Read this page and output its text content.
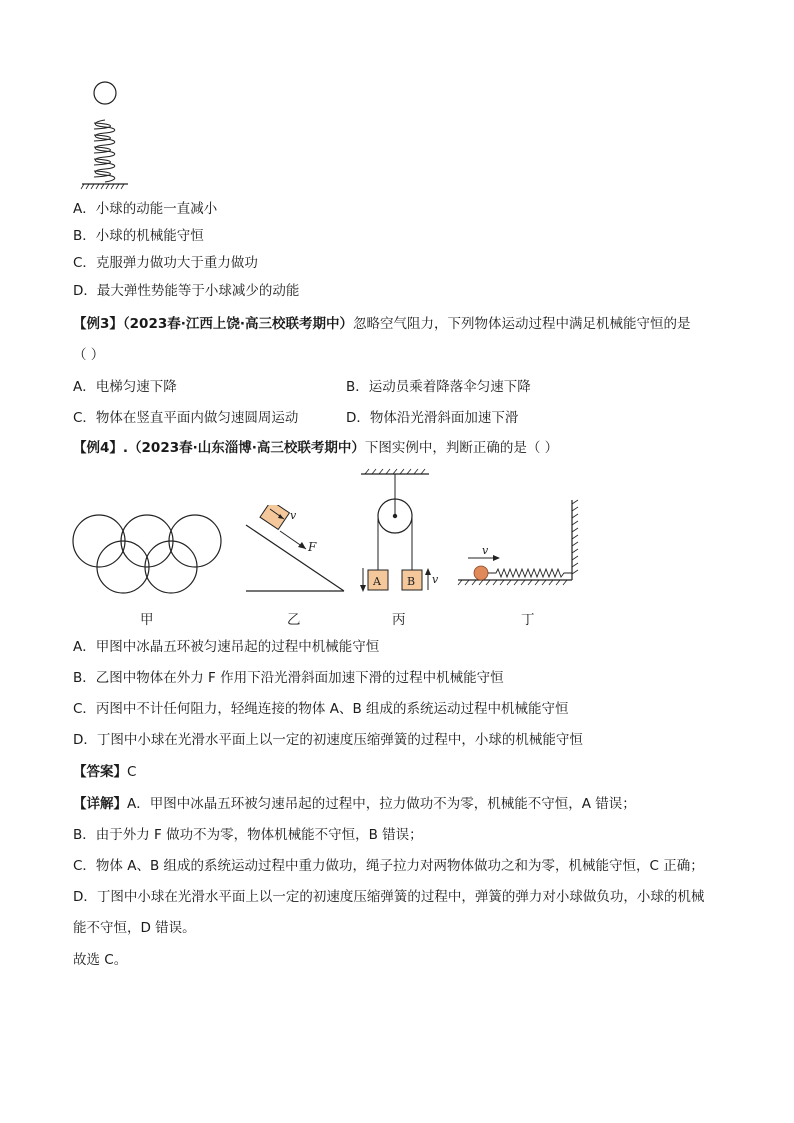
A．小球的动能一直减小
B．小球的机械能守恒
C．克服弹力做功大于重力做功
D．最大弹性势能等于小球减少的动能
【例3】（2023春·江西上饶·高三校联考期中）忽略空气阻力，下列物体运动过程中满足机械能守恒的是
（ ）
A．电梯匀速下降	B．运动员乘着降落伞匀速下降
C．物体在竖直平面内做匀速圆周运动	D．物体沿光滑斜面加速下滑
【例4】.（2023春·山东淄博·高三校联考期中）下图实例中，判断正确的是（ ）
v
F
A B v
v
甲	乙	丙	丁
A．甲图中冰晶五环被匀速吊起的过程中机械能守恒
B．乙图中物体在外力 F 作用下沿光滑斜面加速下滑的过程中机械能守恒
C．丙图中不计任何阻力，轻绳连接的物体 A、B 组成的系统运动过程中机械能守恒
D．丁图中小球在光滑水平面上以一定的初速度压缩弹簧的过程中，小球的机械能守恒
【答案】C
【详解】A．甲图中冰晶五环被匀速吊起的过程中，拉力做功不为零，机械能不守恒，A 错误；
B．由于外力 F 做功不为零，物体机械能不守恒，B 错误；
C．物体 A、B 组成的系统运动过程中重力做功，绳子拉力对两物体做功之和为零，机械能守恒，C 正确；
D．丁图中小球在光滑水平面上以一定的初速度压缩弹簧的过程中，弹簧的弹力对小球做负功，小球的机械
能不守恒，D 错误。
故选 C。
